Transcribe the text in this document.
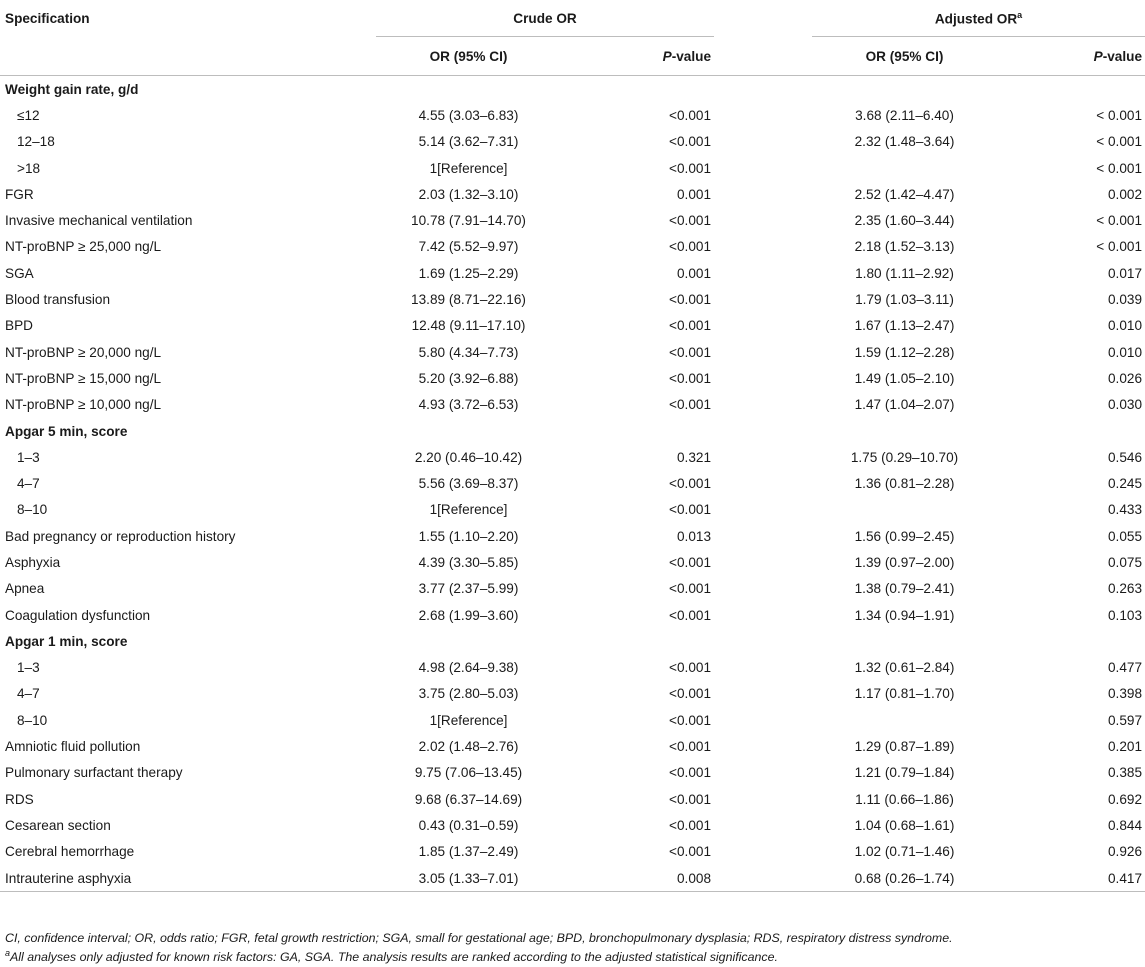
Specification	Crude OR			Adjusted $OR^a$
	OR (95% CI)	P-value		OR (95% CI)	P-value
Weight gain rate, g/d					
≤12	4.55 (3.03–6.83)	<0.001		3.68 (2.11–6.40)	< 0.001
12–18	5.14 (3.62–7.31)	<0.001		2.32 (1.48–3.64)	< 0.001
>18	1[Reference]	<0.001			< 0.001
FGR	2.03 (1.32–3.10)	0.001		2.52 (1.42–4.47)	0.002
Invasive mechanical ventilation	10.78 (7.91–14.70)	<0.001		2.35 (1.60–3.44)	< 0.001
NT-proBNP ≥ 25,000 ng/L	7.42 (5.52–9.97)	<0.001		2.18 (1.52–3.13)	< 0.001
SGA	1.69 (1.25–2.29)	0.001		1.80 (1.11–2.92)	0.017
Blood transfusion	13.89 (8.71–22.16)	<0.001		1.79 (1.03–3.11)	0.039
BPD	12.48 (9.11–17.10)	<0.001		1.67 (1.13–2.47)	0.010
NT-proBNP ≥ 20,000 ng/L	5.80 (4.34–7.73)	<0.001		1.59 (1.12–2.28)	0.010
NT-proBNP ≥ 15,000 ng/L	5.20 (3.92–6.88)	<0.001		1.49 (1.05–2.10)	0.026
NT-proBNP ≥ 10,000 ng/L	4.93 (3.72–6.53)	<0.001		1.47 (1.04–2.07)	0.030
Apgar 5 min, score					
1–3	2.20 (0.46–10.42)	0.321		1.75 (0.29–10.70)	0.546
4–7	5.56 (3.69–8.37)	<0.001		1.36 (0.81–2.28)	0.245
8–10	1[Reference]	<0.001			0.433
Bad pregnancy or reproduction history	1.55 (1.10–2.20)	0.013		1.56 (0.99–2.45)	0.055
Asphyxia	4.39 (3.30–5.85)	<0.001		1.39 (0.97–2.00)	0.075
Apnea	3.77 (2.37–5.99)	<0.001		1.38 (0.79–2.41)	0.263
Coagulation dysfunction	2.68 (1.99–3.60)	<0.001		1.34 (0.94–1.91)	0.103
Apgar 1 min, score					
1–3	4.98 (2.64–9.38)	<0.001		1.32 (0.61–2.84)	0.477
4–7	3.75 (2.80–5.03)	<0.001		1.17 (0.81–1.70)	0.398
8–10	1[Reference]	<0.001			0.597
Amniotic fluid pollution	2.02 (1.48–2.76)	<0.001		1.29 (0.87–1.89)	0.201
Pulmonary surfactant therapy	9.75 (7.06–13.45)	<0.001		1.21 (0.79–1.84)	0.385
RDS	9.68 (6.37–14.69)	<0.001		1.11 (0.66–1.86)	0.692
Cesarean section	0.43 (0.31–0.59)	<0.001		1.04 (0.68–1.61)	0.844
Cerebral hemorrhage	1.85 (1.37–2.49)	<0.001		1.02 (0.71–1.46)	0.926
Intrauterine asphyxia	3.05 (1.33–7.01)	0.008		0.68 (0.26–1.74)	0.417
CI, confidence interval; OR, odds ratio; FGR, fetal growth restriction; SGA, small for gestational age; BPD, bronchopulmonary dysplasia; RDS, respiratory distress syndrome.
$^a$All analyses only adjusted for known risk factors: GA, SGA. The analysis results are ranked according to the adjusted statistical significance.
